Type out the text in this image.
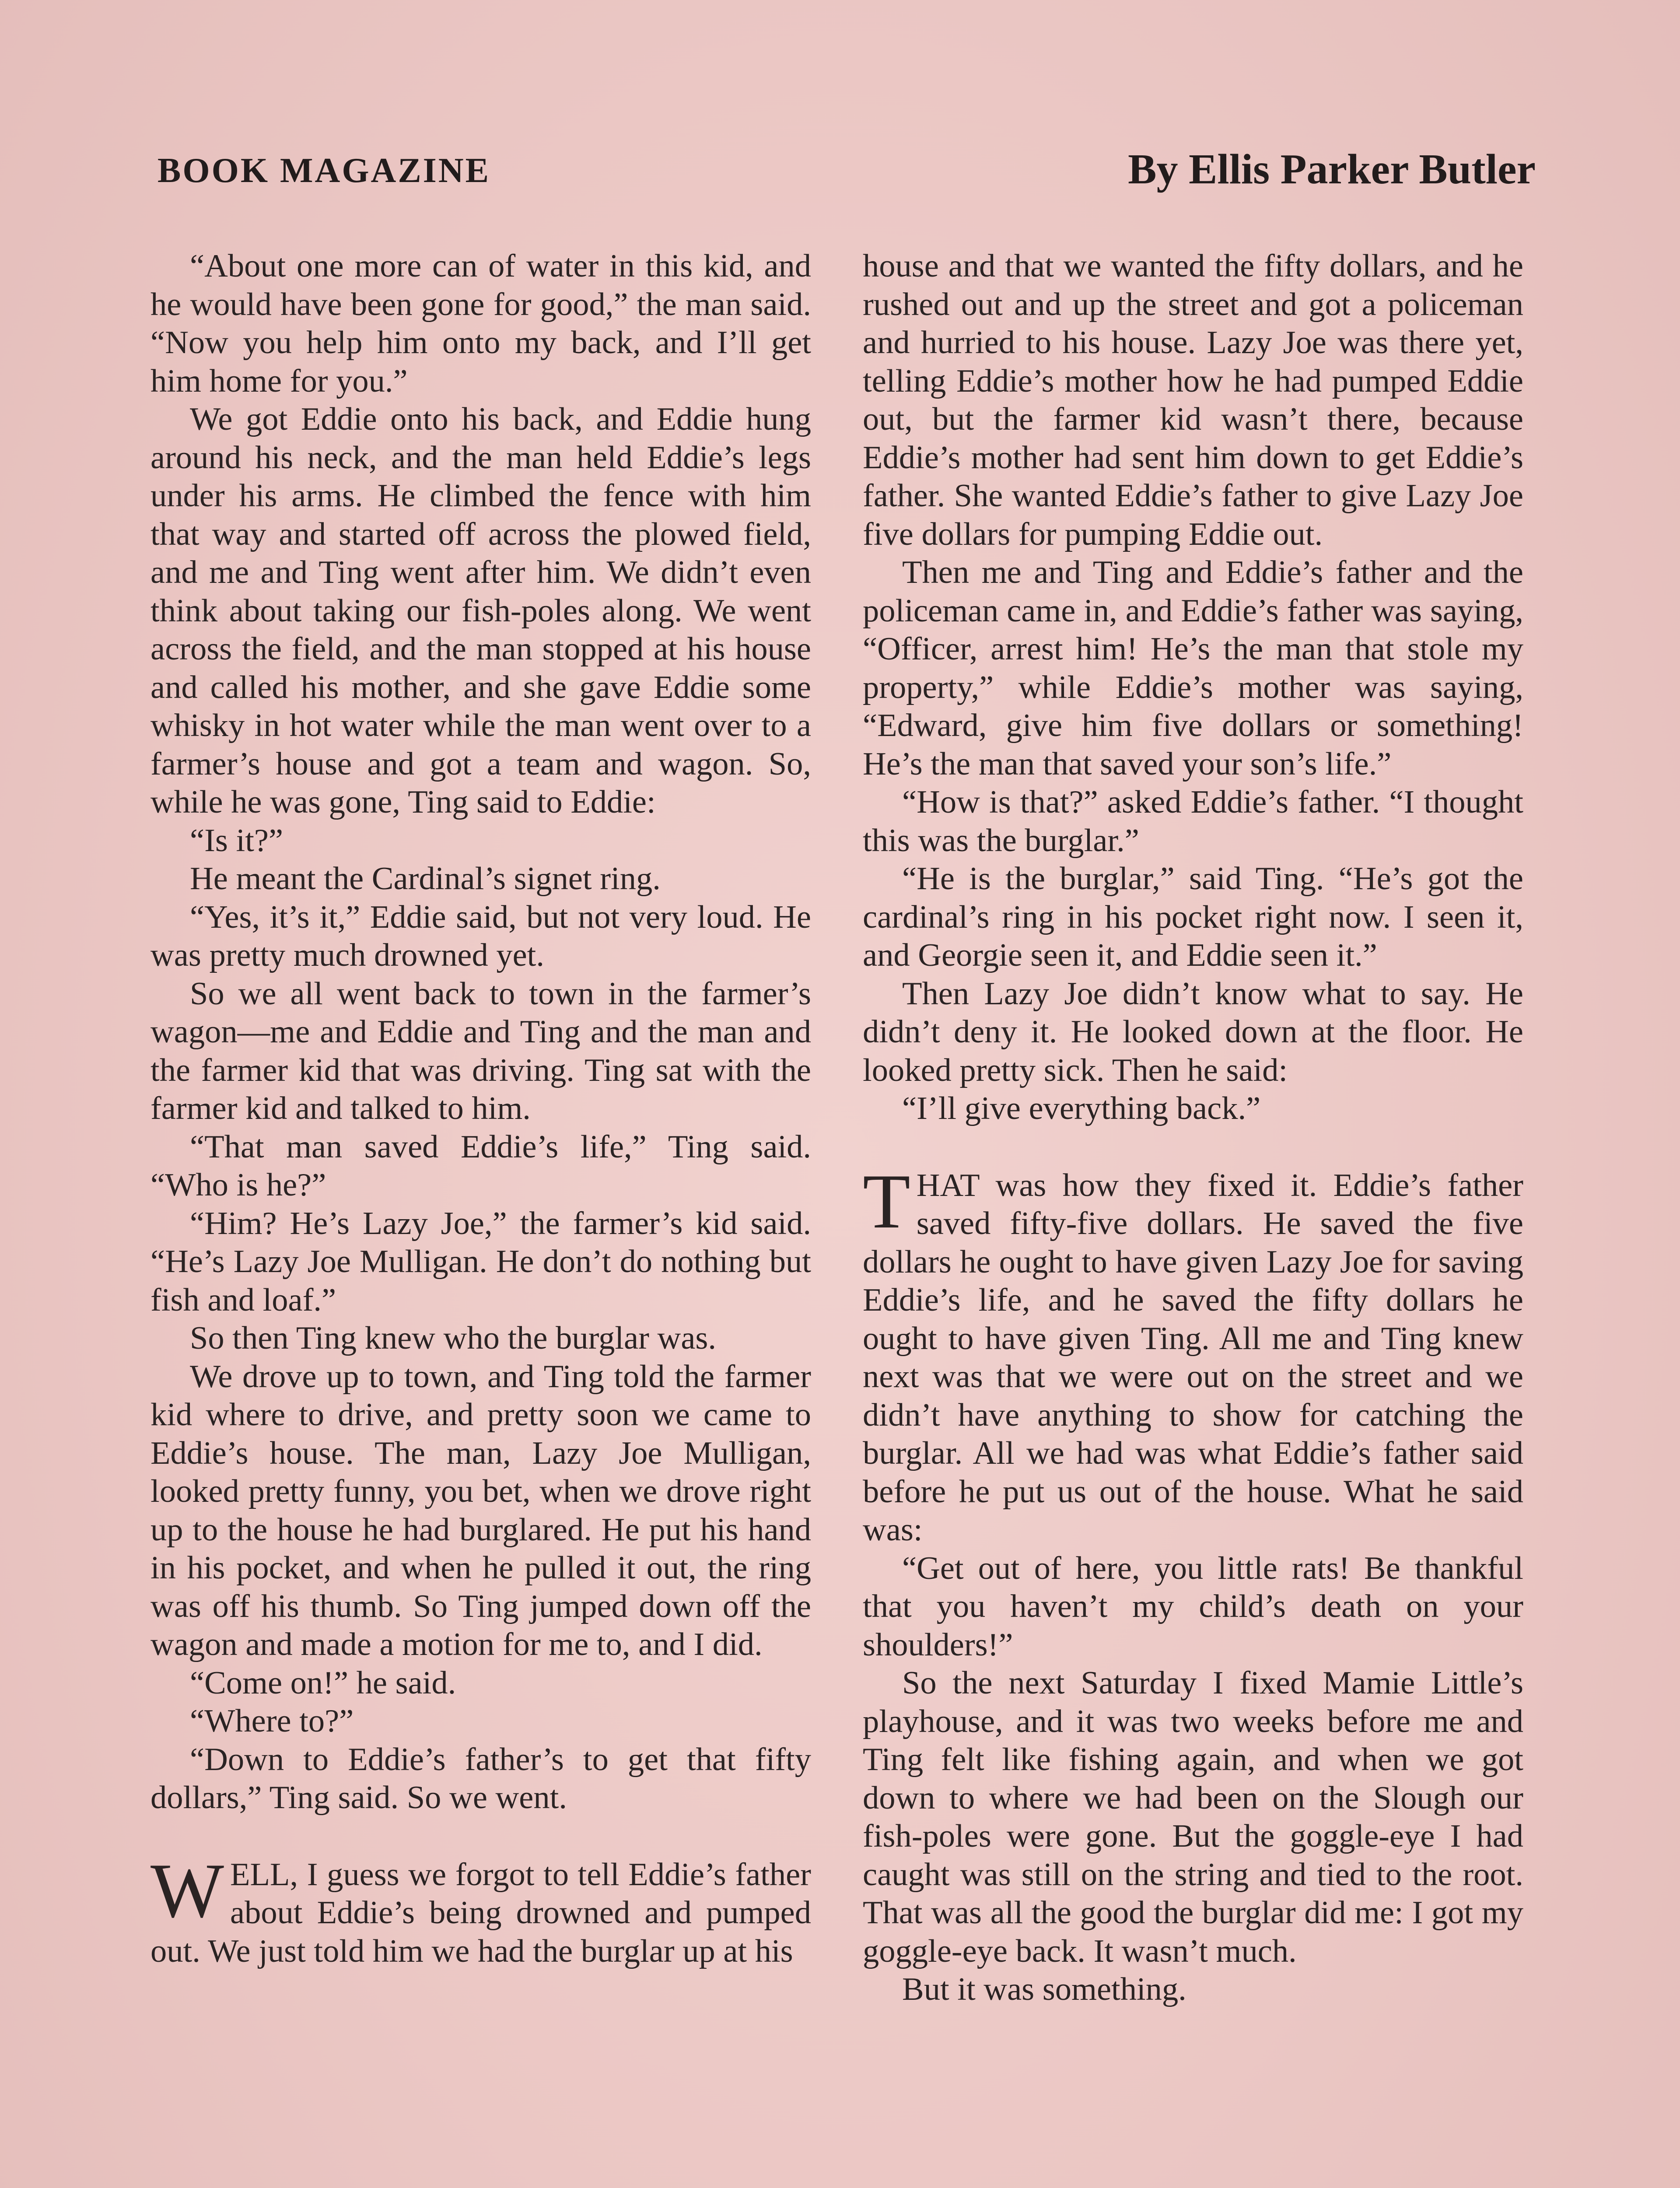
BOOK MAGAZINE	By Ellis Parker Butler

“About one more can of water in this kid, and he would have been gone for good,” the man said. “Now you help him onto my back, and I’ll get him home for you.”

We got Eddie onto his back, and Eddie hung around his neck, and the man held Eddie’s legs under his arms. He climbed the fence with him that way and started off across the plowed field, and me and Ting went after him. We didn’t even think about taking our fish-poles along. We went across the field, and the man stopped at his house and called his mother, and she gave Eddie some whisky in hot water while the man went over to a farmer’s house and got a team and wagon. So, while he was gone, Ting said to Eddie:

“Is it?”

He meant the Cardinal’s signet ring.

“Yes, it’s it,” Eddie said, but not very loud. He was pretty much drowned yet.

So we all went back to town in the farmer’s wagon—me and Eddie and Ting and the man and the farmer kid that was driving. Ting sat with the farmer kid and talked to him.

“That man saved Eddie’s life,” Ting said. “Who is he?”

“Him? He’s Lazy Joe,” the farmer’s kid said. “He’s Lazy Joe Mulligan. He don’t do nothing but fish and loaf.”

So then Ting knew who the burglar was.

We drove up to town, and Ting told the farmer kid where to drive, and pretty soon we came to Eddie’s house. The man, Lazy Joe Mulligan, looked pretty funny, you bet, when we drove right up to the house he had burglared. He put his hand in his pocket, and when he pulled it out, the ring was off his thumb. So Ting jumped down off the wagon and made a motion for me to, and I did.

“Come on!” he said.

“Where to?”

“Down to Eddie’s father’s to get that fifty dollars,” Ting said. So we went.

WELL, I guess we forgot to tell Eddie’s father about Eddie’s being drowned and pumped out. We just told him we had the burglar up at his

house and that we wanted the fifty dollars, and he rushed out and up the street and got a policeman and hurried to his house. Lazy Joe was there yet, telling Eddie’s mother how he had pumped Eddie out, but the farmer kid wasn’t there, because Eddie’s mother had sent him down to get Eddie’s father. She wanted Eddie’s father to give Lazy Joe five dollars for pumping Eddie out.

Then me and Ting and Eddie’s father and the policeman came in, and Eddie’s father was saying, “Officer, arrest him! He’s the man that stole my property,” while Eddie’s mother was saying, “Edward, give him five dollars or something! He’s the man that saved your son’s life.”

“How is that?” asked Eddie’s father. “I thought this was the burglar.”

“He is the burglar,” said Ting. “He’s got the cardinal’s ring in his pocket right now. I seen it, and Georgie seen it, and Eddie seen it.”

Then Lazy Joe didn’t know what to say. He didn’t deny it. He looked down at the floor. He looked pretty sick. Then he said:

“I’ll give everything back.”

THAT was how they fixed it. Eddie’s father saved fifty-five dollars. He saved the five dollars he ought to have given Lazy Joe for saving Eddie’s life, and he saved the fifty dollars he ought to have given Ting. All me and Ting knew next was that we were out on the street and we didn’t have anything to show for catching the burglar. All we had was what Eddie’s father said before he put us out of the house. What he said was:

“Get out of here, you little rats! Be thankful that you haven’t my child’s death on your shoulders!”

So the next Saturday I fixed Mamie Little’s playhouse, and it was two weeks before me and Ting felt like fishing again, and when we got down to where we had been on the Slough our fish-poles were gone. But the goggle-eye I had caught was still on the string and tied to the root. That was all the good the burglar did me: I got my goggle-eye back. It wasn’t much.

But it was something.
